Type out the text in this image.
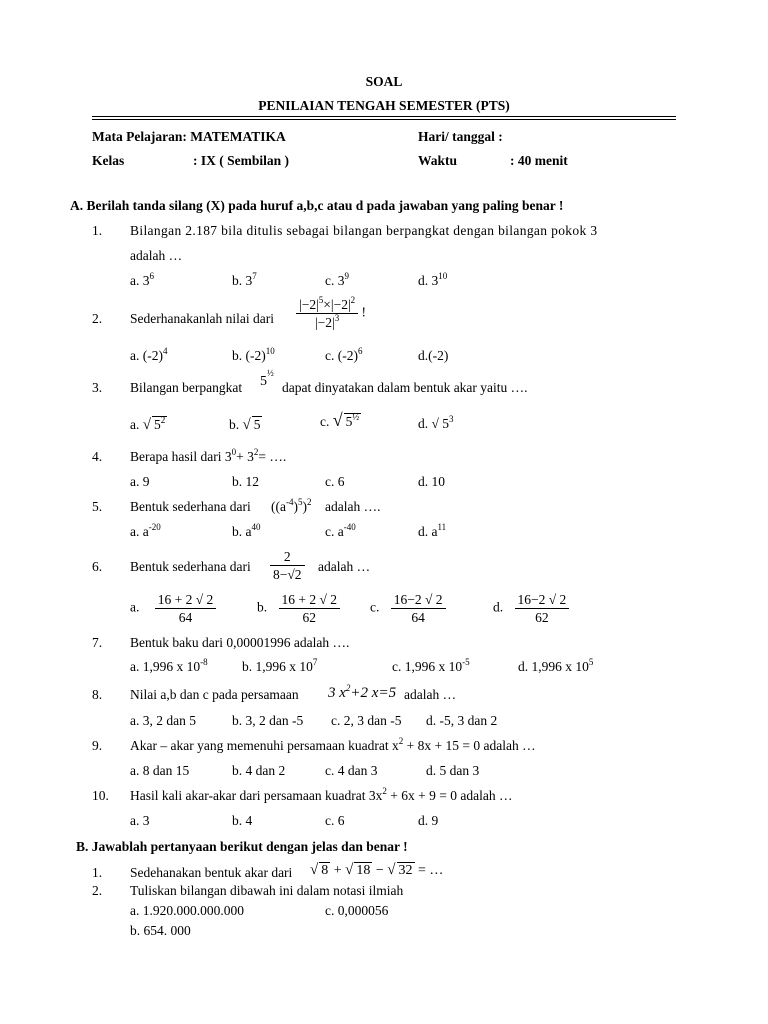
SOAL
PENILAIAN TENGAH SEMESTER (PTS)
Mata Pelajaran: MATEMATIKA	Hari/ tanggal :
Kelas	: IX ( Sembilan )	Waktu	: 40 menit
A. Berilah tanda silang (X) pada huruf a,b,c atau d pada jawaban yang paling benar !
1. Bilangan 2.187 bila ditulis sebagai bilangan berpangkat dengan bilangan pokok 3
adalah …
a. $3^6$	b. $3^7$	c. $3^9$	d. $3^{10}$
2. Sederhanakanlah nilai dari $\frac{|-2|^5\times|-2|^2}{|-2|^3}$ !
a. $(-2)^4$	b. $(-2)^{10}$	c. $(-2)^6$	d.(-2)
3. Bilangan berpangkat $5^{\frac{1}{2}}$
dapat dinyatakan dalam bentuk akar yaitu ….
a. √ $5^2$	b. √ 5	c. √ $5^{\frac{1}{2}}$	d. √ $5^3$
4. Berapa hasil dari $3^0+ 3^2=$ ….
a. 9	b. 12	c. 6	d. 10
5. Bentuk sederhana dari $((a^{-4})^5)^2$ adalah ….
a. $a^{-20}$	b. $a^{40}$	c. $a^{-40}$	d. $a^{11}$
6. Bentuk sederhana dari $\frac{2}{8-√2}$ adalah …
a. $\frac{16 + 2 √ 2}{64}$	b. $\frac{16 + 2 √ 2}{62} c$. $\frac{16-2 √ 2}{64}$	d. $\frac{16-2 √ 2}{62}$
7. Bentuk baku dari 0,00001996 adalah ….
a. 1,996 x $10^{-8}$	b. 1,996 x $10^7$	c. 1,996 x $10^{-5}$	d. 1,996 x $10^5$
8. Nilai a,b dan c pada persamaan 3 $x^2+2$ x=5 adalah …
a. 3, 2 dan 5	b. 3, 2 dan -5 c. 2, 3 dan -5 d. -5, 3 dan 2
9. Akar – akar yang memenuhi persamaan kuadrat $x^2 + 8x + 15 = 0$ adalah …
a. 8 dan 15	b. 4 dan 2	c. 4 dan 3	d. 5 dan 3
10. Hasil kali akar-akar dari persamaan kuadrat $3x^2 + 6x + 9 = 0$ adalah …
a. 3	b. 4	c. 6	d. 9
B. Jawablah pertanyaan berikut dengan jelas dan benar !
1. Sedehanakan bentuk akar dari √ 8 + √ 18 − √ 32 = …
2. Tuliskan bilangan dibawah ini dalam notasi ilmiah
a. 1.920.000.000.000	c. 0,000056
b. 654. 000
